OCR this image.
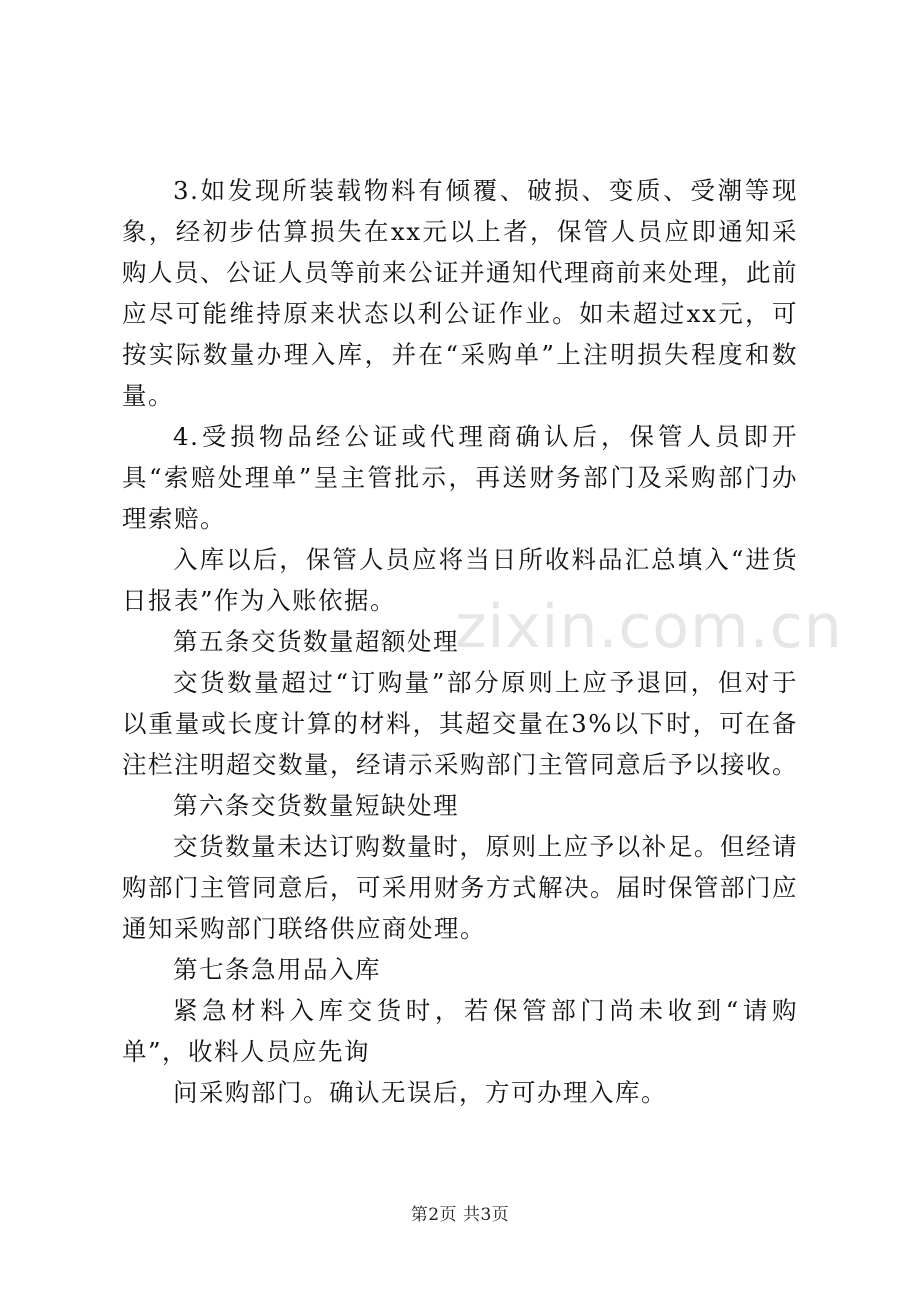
zixin.com.cn

3.如发现所装载物料有倾覆、破损、变质、受潮等现象，经初步估算损失在xx元以上者，保管人员应即通知采购人员、公证人员等前来公证并通知代理商前来处理，此前应尽可能维持原来状态以利公证作业。如未超过xx元，可按实际数量办理入库，并在“采购单”上注明损失程度和数量。

4.受损物品经公证或代理商确认后，保管人员即开具“索赔处理单”呈主管批示，再送财务部门及采购部门办理索赔。

入库以后，保管人员应将当日所收料品汇总填入“进货日报表”作为入账依据。

第五条交货数量超额处理

交货数量超过“订购量”部分原则上应予退回，但对于以重量或长度计算的材料，其超交量在3%以下时，可在备注栏注明超交数量，经请示采购部门主管同意后予以接收。

第六条交货数量短缺处理

交货数量未达订购数量时，原则上应予以补足。但经请购部门主管同意后，可采用财务方式解决。届时保管部门应通知采购部门联络供应商处理。

第七条急用品入库

紧急材料入库交货时，若保管部门尚未收到“请购单”，收料人员应先询

问采购部门。确认无误后，方可办理入库。

第2页 共3页
